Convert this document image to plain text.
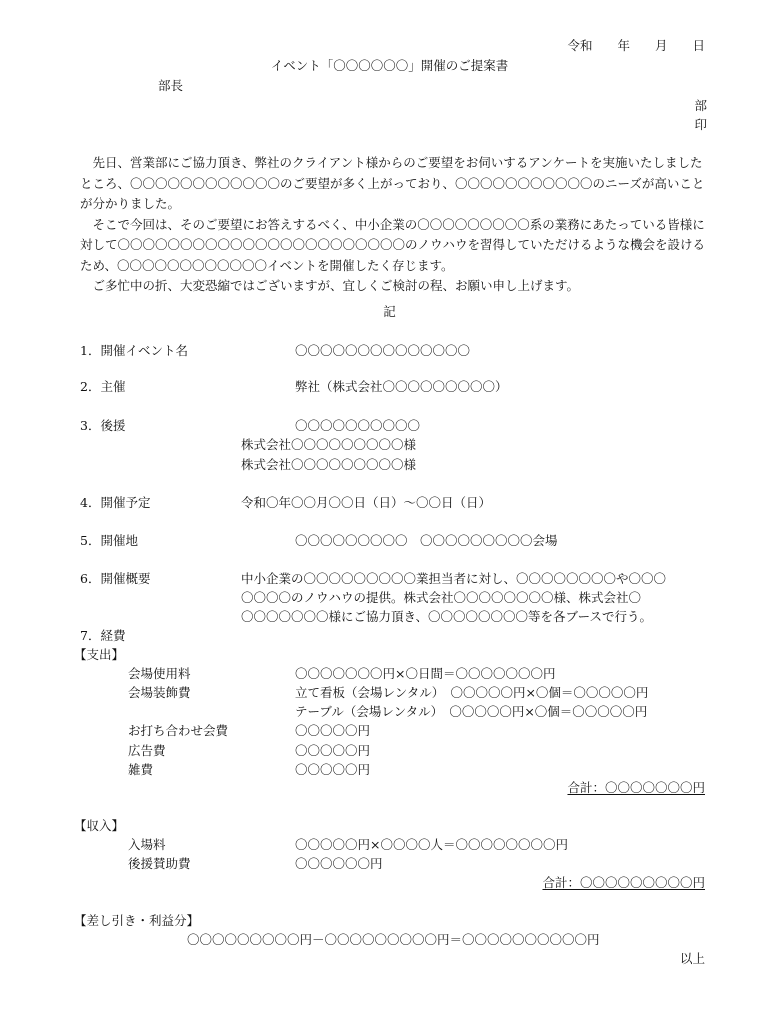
令和　　年　　月　　日
イベント「〇〇〇〇〇〇」開催のご提案書
部長
部
印

先日、営業部にご協力頂き、弊社のクライアント様からのご要望をお伺いするアンケートを実施いたしましたところ、〇〇〇〇〇〇〇〇〇〇〇〇のご要望が多く上がっており、〇〇〇〇〇〇〇〇〇〇〇のニーズが高いことが分かりました。

そこで今回は、そのご要望にお答えするべく、中小企業の〇〇〇〇〇〇〇〇〇系の業務にあたっている皆様に対して〇〇〇〇〇〇〇〇〇〇〇〇〇〇〇〇〇〇〇〇〇〇〇のノウハウを習得していただけるような機会を設けるため、〇〇〇〇〇〇〇〇〇〇〇〇イベントを開催したく存じます。

ご多忙中の折、大変恐縮ではございますが、宜しくご検討の程、お願い申し上げます。

記
1．開催イベント名	〇〇〇〇〇〇〇〇〇〇〇〇〇〇
2．主催	弊社（株式会社〇〇〇〇〇〇〇〇〇）
3．後援	〇〇〇〇〇〇〇〇〇〇
株式会社〇〇〇〇〇〇〇〇〇様
株式会社〇〇〇〇〇〇〇〇〇様
4．開催予定	令和〇年〇〇月〇〇日（日）～〇〇日（日）
5．開催地	〇〇〇〇〇〇〇〇〇　〇〇〇〇〇〇〇〇〇会場
6．開催概要	中小企業の〇〇〇〇〇〇〇〇〇業担当者に対し、〇〇〇〇〇〇〇〇や〇〇〇
〇〇〇〇のノウハウの提供。株式会社〇〇〇〇〇〇〇〇様、株式会社〇
〇〇〇〇〇〇〇様にご協力頂き、〇〇〇〇〇〇〇〇等を各ブースで行う。
7．経費
【支出】
会場使用料	〇〇〇〇〇〇〇円×〇日間＝〇〇〇〇〇〇〇円
会場装飾費	立て看板（会場レンタル）　〇〇〇〇〇円×〇個＝〇〇〇〇〇円
テーブル（会場レンタル）　〇〇〇〇〇円×〇個＝〇〇〇〇〇円
お打ち合わせ会費	〇〇〇〇〇円
広告費	〇〇〇〇〇円
雑費	〇〇〇〇〇円
合計：〇〇〇〇〇〇〇円
【収入】
入場料	〇〇〇〇〇円×〇〇〇〇人＝〇〇〇〇〇〇〇〇円
後援賛助費	〇〇〇〇〇〇円
合計：〇〇〇〇〇〇〇〇〇円
【差し引き・利益分】
〇〇〇〇〇〇〇〇〇円－〇〇〇〇〇〇〇〇〇円＝〇〇〇〇〇〇〇〇〇〇円
以上
